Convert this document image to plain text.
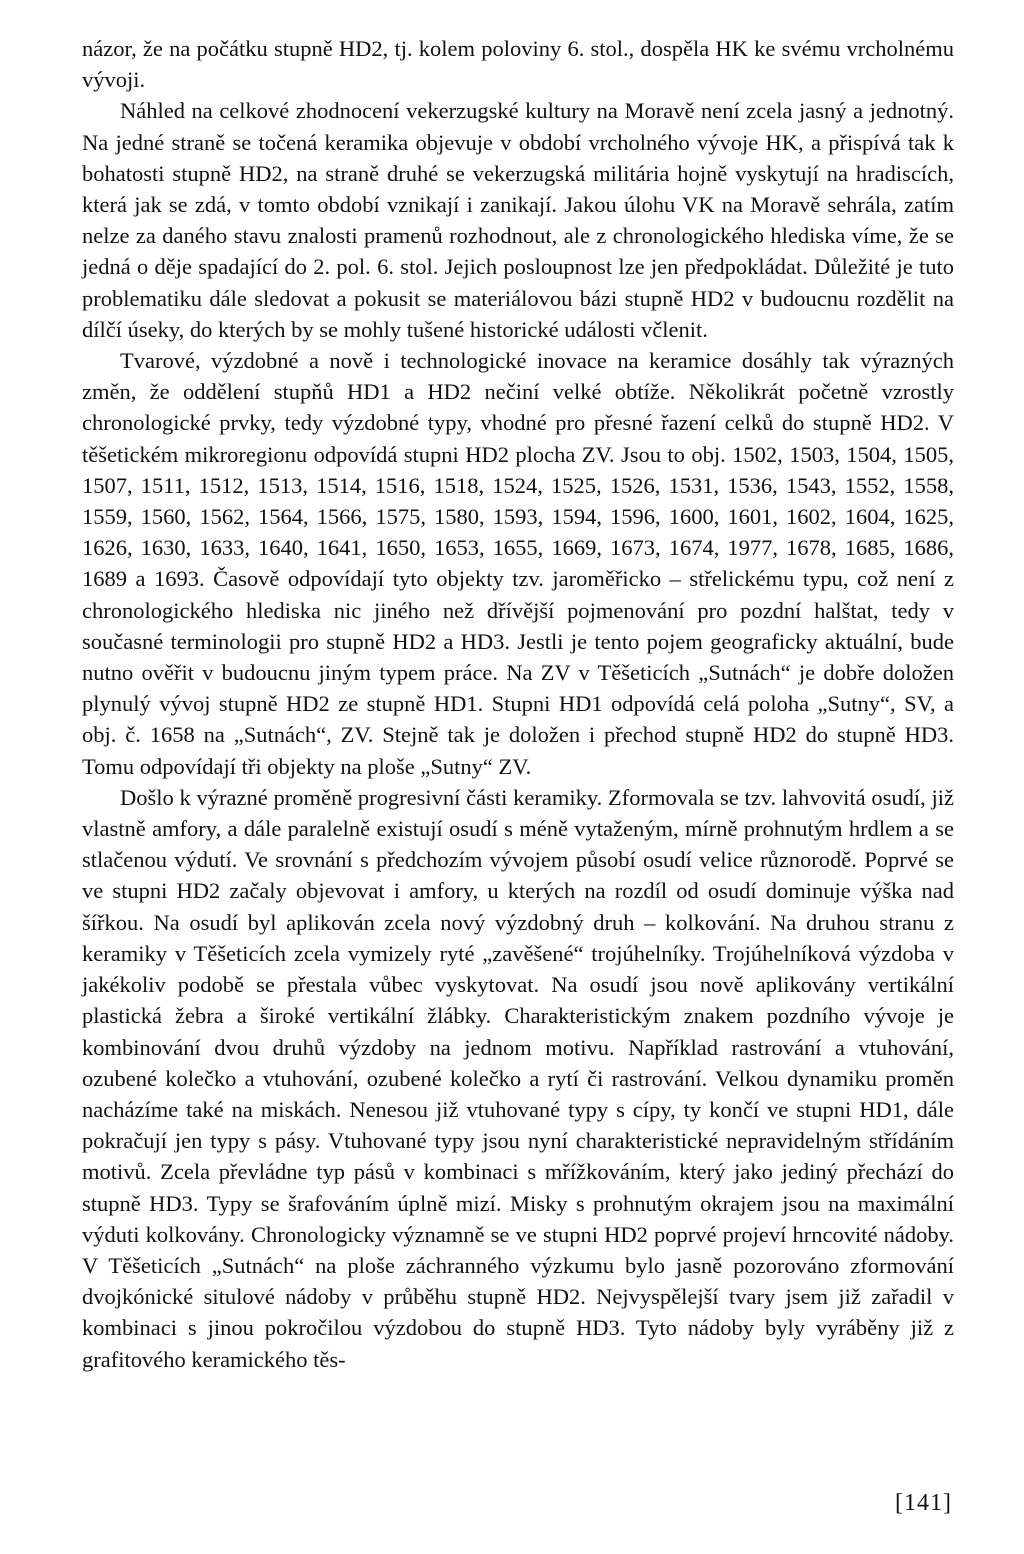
názor, že na počátku stupně HD2, tj. kolem poloviny 6. stol., dospěla HK ke svému vrcholnému vývoji.

Náhled na celkové zhodnocení vekerzugské kultury na Moravě není zcela jasný a jednotný. Na jedné straně se točená keramika objevuje v období vrcholného vývoje HK, a přispívá tak k bohatosti stupně HD2, na straně druhé se vekerzugská militária hojně vyskytují na hradiscích, která jak se zdá, v tomto období vznikají i zanikají. Jakou úlohu VK na Moravě sehrála, zatím nelze za daného stavu znalosti pramenů rozhodnout, ale z chronologického hlediska víme, že se jedná o děje spadající do 2. pol. 6. stol. Jejich posloupnost lze jen předpokládat. Důležité je tuto problematiku dále sledovat a pokusit se materiálovou bázi stupně HD2 v budoucnu rozdělit na dílčí úseky, do kterých by se mohly tušené historické události včlenit.

Tvarové, výzdobné a nově i technologické inovace na keramice dosáhly tak výrazných změn, že oddělení stupňů HD1 a HD2 nečiní velké obtíže. Několikrát početně vzrostly chronologické prvky, tedy výzdobné typy, vhodné pro přesné řazení celků do stupně HD2. V těšetickém mikroregionu odpovídá stupni HD2 plocha ZV. Jsou to obj. 1502, 1503, 1504, 1505, 1507, 1511, 1512, 1513, 1514, 1516, 1518, 1524, 1525, 1526, 1531, 1536, 1543, 1552, 1558, 1559, 1560, 1562, 1564, 1566, 1575, 1580, 1593, 1594, 1596, 1600, 1601, 1602, 1604, 1625, 1626, 1630, 1633, 1640, 1641, 1650, 1653, 1655, 1669, 1673, 1674, 1977, 1678, 1685, 1686, 1689 a 1693. Časově odpovídají tyto objekty tzv. jaroměřicko – střelickému typu, což není z chronologického hlediska nic jiného než dřívější pojmenování pro pozdní halštat, tedy v současné terminologii pro stupně HD2 a HD3. Jestli je tento pojem geograficky aktuální, bude nutno ověřit v budoucnu jiným typem práce. Na ZV v Těšeticích „Sutnách“ je dobře doložen plynulý vývoj stupně HD2 ze stupně HD1. Stupni HD1 odpovídá celá poloha „Sutny“, SV, a obj. č. 1658 na „Sutnách“, ZV. Stejně tak je doložen i přechod stupně HD2 do stupně HD3. Tomu odpovídají tři objekty na ploše „Sutny“ ZV.

Došlo k výrazné proměně progresivní části keramiky. Zformovala se tzv. lahvovitá osudí, již vlastně amfory, a dále paralelně existují osudí s méně vytaženým, mírně prohnutým hrdlem a se stlačenou výdutí. Ve srovnání s předchozím vývojem působí osudí velice různorodě. Poprvé se ve stupni HD2 začaly objevovat i amfory, u kterých na rozdíl od osudí dominuje výška nad šířkou. Na osudí byl aplikován zcela nový výzdobný druh – kolkování. Na druhou stranu z keramiky v Těšeticích zcela vymizely ryté „zavěšené“ trojúhelníky. Trojúhelníková výzdoba v jakékoliv podobě se přestala vůbec vyskytovat. Na osudí jsou nově aplikovány vertikální plastická žebra a široké vertikální žlábky. Charakteristickým znakem pozdního vývoje je kombinování dvou druhů výzdoby na jednom motivu. Například rastrování a vtuhování, ozubené kolečko a vtuhování, ozubené kolečko a rytí či rastrování. Velkou dynamiku proměn nacházíme také na miskách. Nenesou již vtuhované typy s cípy, ty končí ve stupni HD1, dále pokračují jen typy s pásy. Vtuhované typy jsou nyní charakteristické nepravidelným střídáním motivů. Zcela převládne typ pásů v kombinaci s mřížkováním, který jako jediný přechází do stupně HD3. Typy se šrafováním úplně mizí. Misky s prohnutým okrajem jsou na maximální výduti kolkovány. Chronologicky významně se ve stupni HD2 poprvé projeví hrncovité nádoby. V Těšeticích „Sutnách“ na ploše záchranného výzkumu bylo jasně pozorováno zformování dvojkónické situlové nádoby v průběhu stupně HD2. Nejvyspělejší tvary jsem již zařadil v kombinaci s jinou pokročilou výzdobou do stupně HD3. Tyto nádoby byly vyráběny již z grafitového keramického těs-

[141]
